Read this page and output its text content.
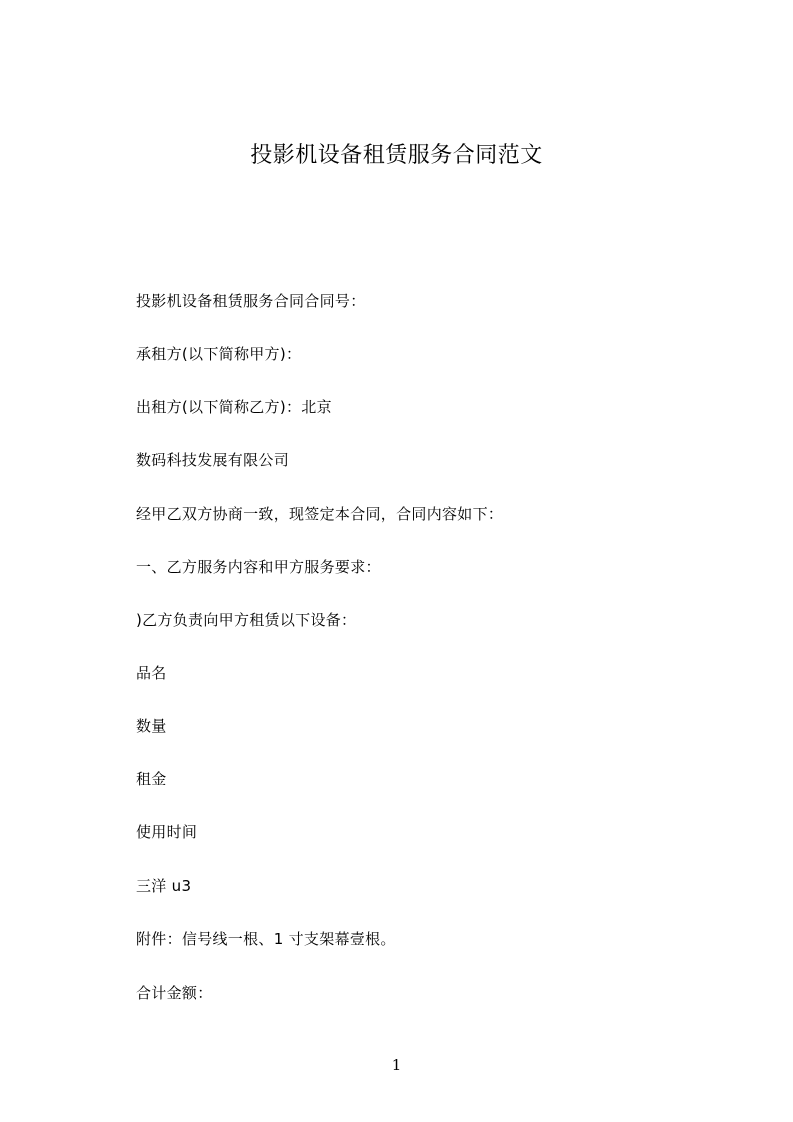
投影机设备租赁服务合同范文
投影机设备租赁服务合同合同号：
承租方(以下简称甲方)：
出租方(以下简称乙方)：北京
数码科技发展有限公司
经甲乙双方协商一致，现签定本合同，合同内容如下：
一、乙方服务内容和甲方服务要求：
)乙方负责向甲方租赁以下设备：
品名
数量
租金
使用时间
三洋 u3
附件：信号线一根、1 寸支架幕壹根。
合计金额：
1
